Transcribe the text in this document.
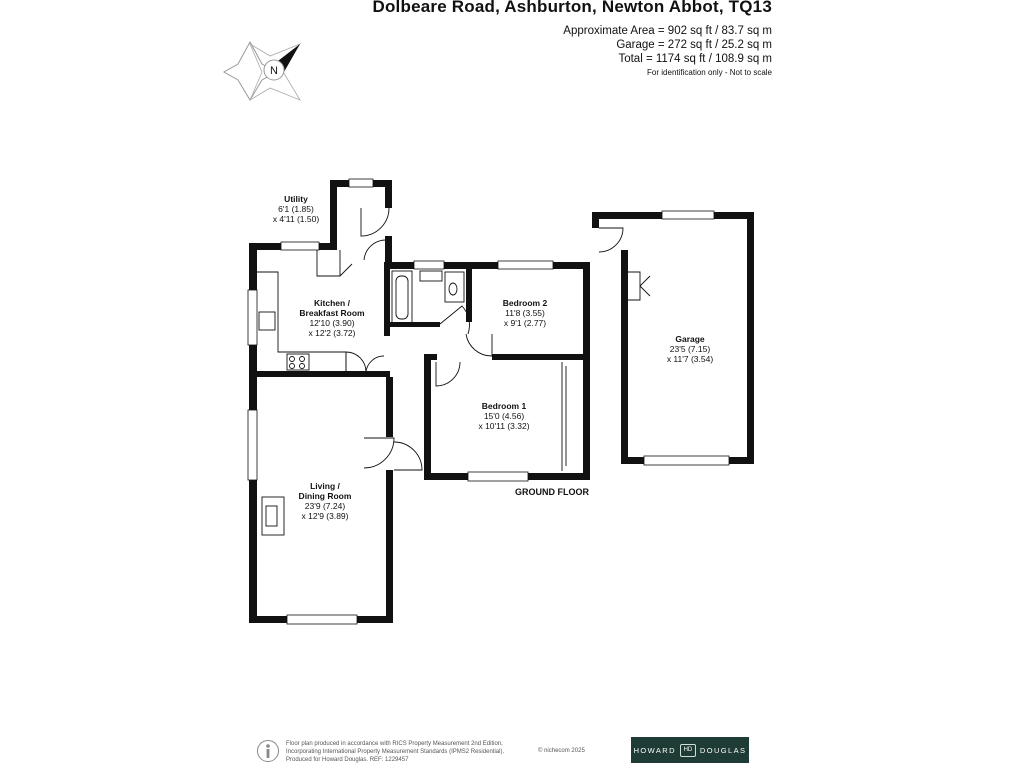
Dolbeare Road, Ashburton, Newton Abbot, TQ13
Approximate Area = 902 sq ft / 83.7 sq m
Garage = 272 sq ft / 25.2 sq m
Total = 1174 sq ft / 108.9 sq m
For identification only - Not to scale
N
Utility
6'1 (1.85)
x 4'11 (1.50)
Kitchen /
Breakfast Room
12'10 (3.90)
x 12'2 (3.72)
Bedroom 2
11'8 (3.55)
x 9'1 (2.77)
Bedroom 1
15'0 (4.56)
x 10'11 (3.32)
Living /
Dining Room
23'9 (7.24)
x 12'9 (3.89)
Garage
23'5 (7.15)
x 11'7 (3.54)
GROUND FLOOR
Floor plan produced in accordance with RICS Property Measurement 2nd Edition,
Incorporating International Property Measurement Standards (IPMS2 Residential).
Produced for Howard Douglas. REF: 1229457
© nichecom 2025	HOWARD	HD	DOUGLAS
